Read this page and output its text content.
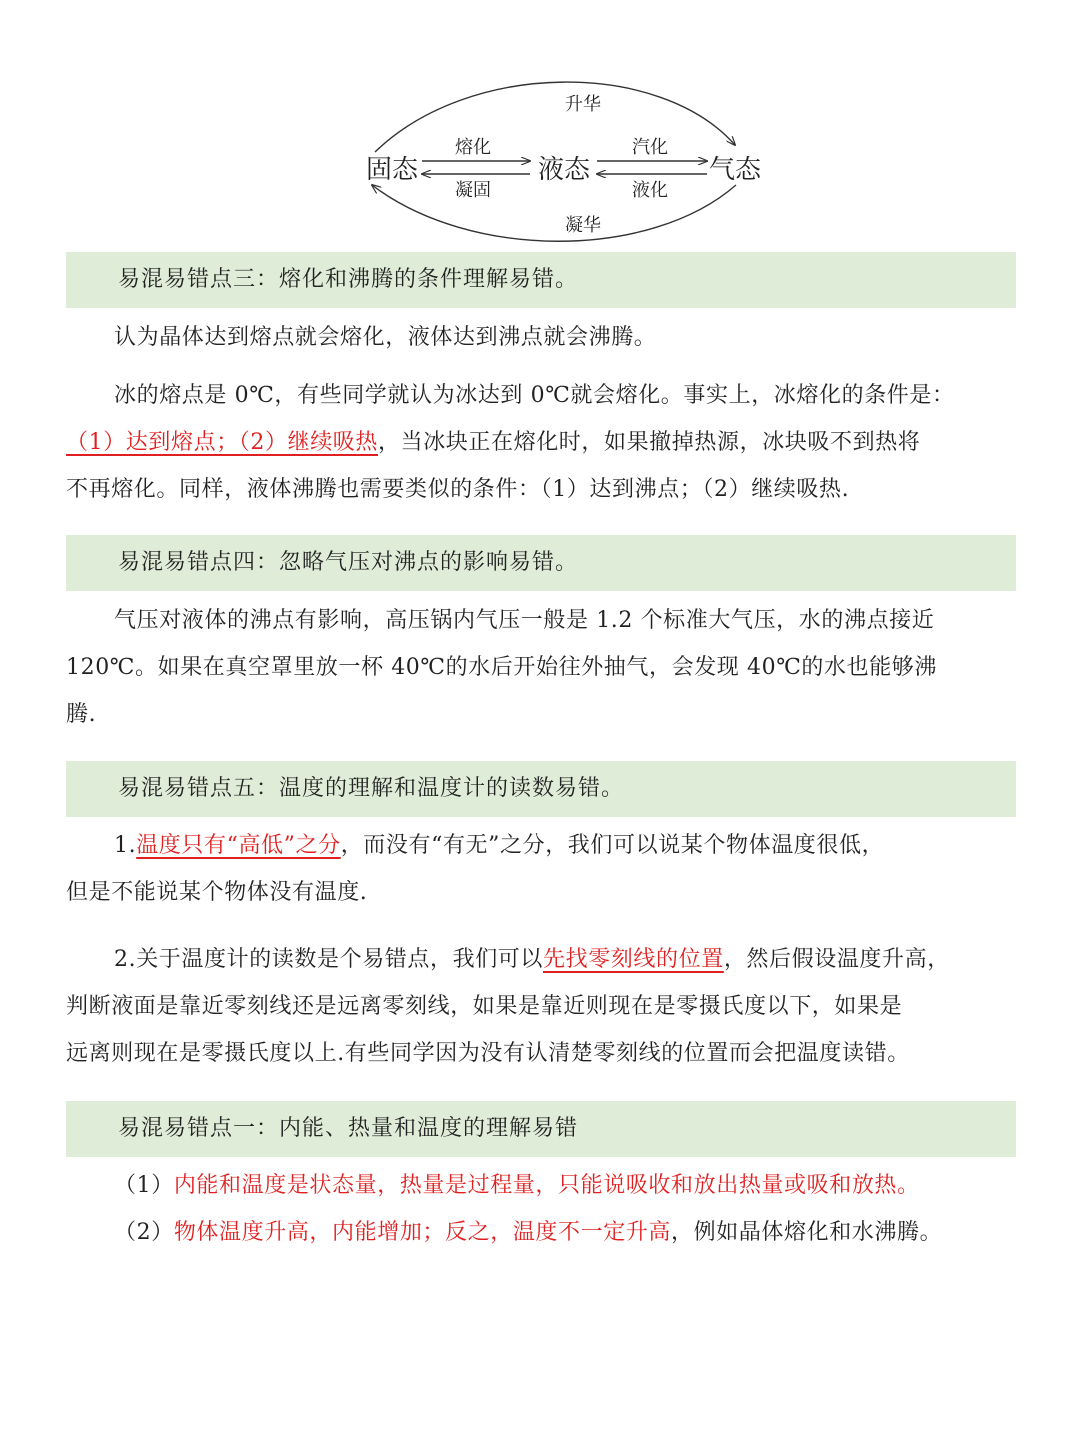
固态	液态	气态
熔化
凝固
汽化
液化
升华
凝华
易混易错点三：熔化和沸腾的条件理解易错。
认为晶体达到熔点就会熔化，液体达到沸点就会沸腾。
冰的熔点是 0℃，有些同学就认为冰达到 0℃就会熔化。事实上，冰熔化的条件是：
（1）达到熔点；（2）继续吸热，当冰块正在熔化时，如果撤掉热源，冰块吸不到热将
不再熔化。同样，液体沸腾也需要类似的条件：（1）达到沸点；（2）继续吸热.
易混易错点四：忽略气压对沸点的影响易错。
气压对液体的沸点有影响，高压锅内气压一般是 1.2 个标准大气压，水的沸点接近
120℃。如果在真空罩里放一杯 40℃的水后开始往外抽气，会发现 40℃的水也能够沸
腾.
易混易错点五：温度的理解和温度计的读数易错。
1.温度只有“高低”之分，而没有“有无”之分，我们可以说某个物体温度很低，
但是不能说某个物体没有温度.
2.关于温度计的读数是个易错点，我们可以先找零刻线的位置，然后假设温度升高，
判断液面是靠近零刻线还是远离零刻线，如果是靠近则现在是零摄氏度以下，如果是
远离则现在是零摄氏度以上.有些同学因为没有认清楚零刻线的位置而会把温度读错。
易混易错点一：内能、热量和温度的理解易错
（1）内能和温度是状态量，热量是过程量，只能说吸收和放出热量或吸和放热。
（2）物体温度升高，内能增加；反之，温度不一定升高，例如晶体熔化和水沸腾。
